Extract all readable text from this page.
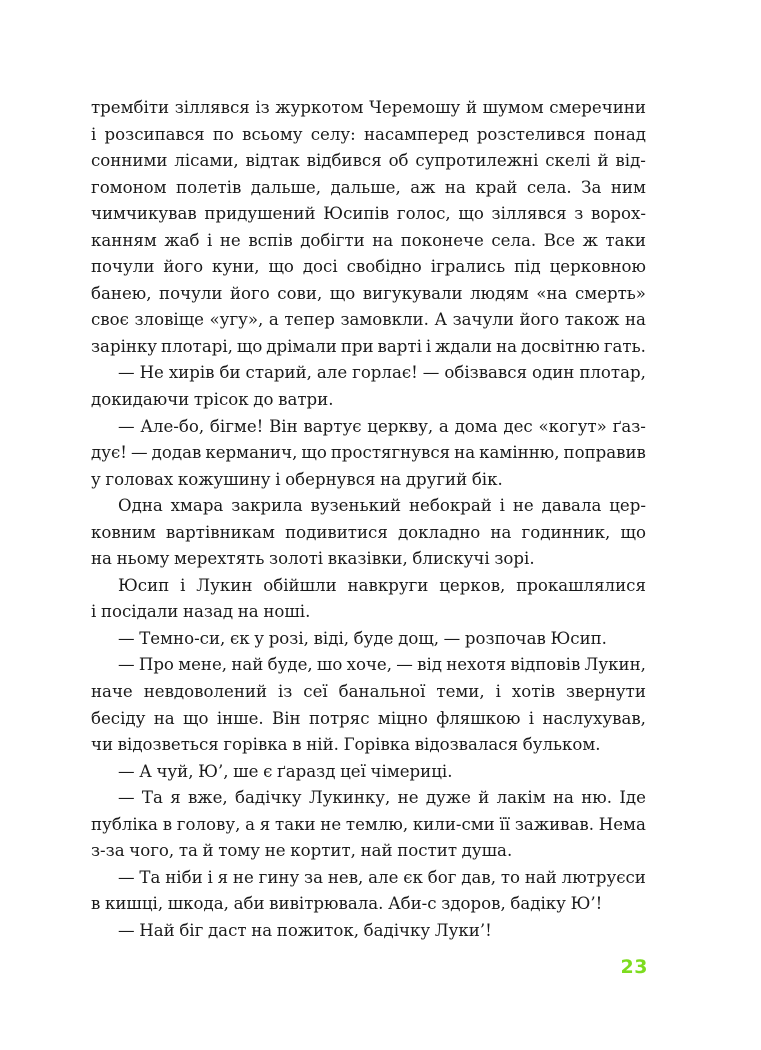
трембіти зіллявся із журкотом Черемошу й шумом смеречини
і розсипався по всьому селу: насамперед розстелився понад
сонними лісами, відтак відбився об супротилежні скелі й від-
гомоном полетів дальше, дальше, аж на край села. За ним
чимчикував придушений Юсипів голос, що зіллявся з ворох-
канням жаб і не вспів добігти на покoнече села. Все ж таки
почули його куни, що досі свобідно ігрались під церковною
банею, почули його сови, що вигукували людям «на смерть»
своє зловіще «угу», а тепер замовкли. А зачули його також на
зарінку плотарі, що дрімали при варті і ждали на досвітню гать.
— Не хирів би старий, але горлає! — обізвався один плотар,
докидаючи трісок до ватри.
— Але-бо, бігме! Він вартує церкву, а дома дес «когут» ґаз-
дує! — додав керманич, що простягнувся на камінню, поправив
у головах кожушину і обернувся на другий бік.
Одна хмара закрила вузенький небокрай і не давала цер-
ковним вартівникам подивитися докладно на годинник, що
на ньому мерехтять золоті вказівки, блискучі зорі.
Юсип і Лукин обійшли навкруги церков, прокашлялися
і посідали назад на ноші.
— Темно-си, єк у розі, віді, буде дощ, — розпочав Юсип.
— Про мене, най буде, шо хоче, — від нехотя відповів Лукин,
наче невдоволений із сеї банальної теми, і хотів звернути
бесіду на що інше. Він потряс міцно фляшкою і наслухував,
чи відозветься горівка в ній. Горівка відозвалася бульком.
— А чуй, Ю’, ше є ґаразд цеї чімериці.
— Та я вже, бадічку Лукинку, не дуже й лакім на ню. Іде
публіка в голову, а я таки не темлю, кили-сми її заживав. Нема
з-за чого, та й тому не кортит, най постит душа.
— Та ніби і я не гину за нев, але єк бог дав, то най лютруєси
в кишці, шкода, аби вивітрювала. Аби-с здоров, бадіку Ю’!
— Най біг даст на пожиток, бадічку Луки’!
23
